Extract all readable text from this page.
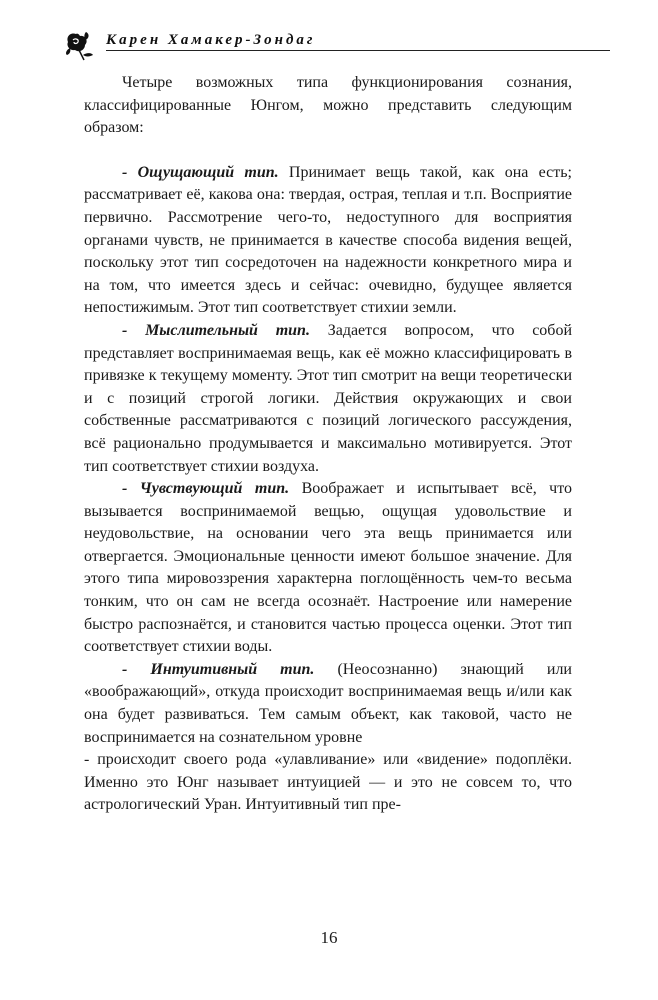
Карен Хамакер-Зондаг

Четыре возможных типа функционирования сознания, классифицированные Юнгом, можно представить следующим образом:

- Ощущающий тип. Принимает вещь такой, как она есть; рассматривает её, какова она: твердая, острая, теплая и т.п. Восприятие первично. Рассмотрение чего-то, недоступного для восприятия органами чувств, не принимается в качестве способа видения вещей, поскольку этот тип сосредоточен на надежности конкретного мира и на том, что имеется здесь и сейчас: очевидно, будущее является непостижимым. Этот тип соответствует стихии земли.

- Мыслительный тип. Задается вопросом, что собой представляет воспринимаемая вещь, как её можно классифицировать в привязке к текущему моменту. Этот тип смотрит на вещи теоретически и с позиций строгой логики. Действия окружающих и свои собственные рассматриваются с позиций логического рассуждения, всё рационально продумывается и максимально мотивируется. Этот тип соответствует стихии воздуха.

- Чувствующий тип. Воображает и испытывает всё, что вызывается воспринимаемой вещью, ощущая удовольствие и неудовольствие, на основании чего эта вещь принимается или отвергается. Эмоциональные ценности имеют большое значение. Для этого типа мировоззрения характерна поглощённость чем-то весьма тонким, что он сам не всегда осознаёт. Настроение или намерение быстро распознаётся, и становится частью процесса оценки. Этот тип соответствует стихии воды.

- Интуитивный тип. (Неосознанно) знающий или «воображающий», откуда происходит воспринимаемая вещь и/или как она будет развиваться. Тем самым объект, как таковой, часто не воспринимается на сознательном уровне

- происходит своего рода «улавливание» или «видение» подоплёки. Именно это Юнг называет интуицией — и это не совсем то, что астрологический Уран. Интуитивный тип пре-

16
